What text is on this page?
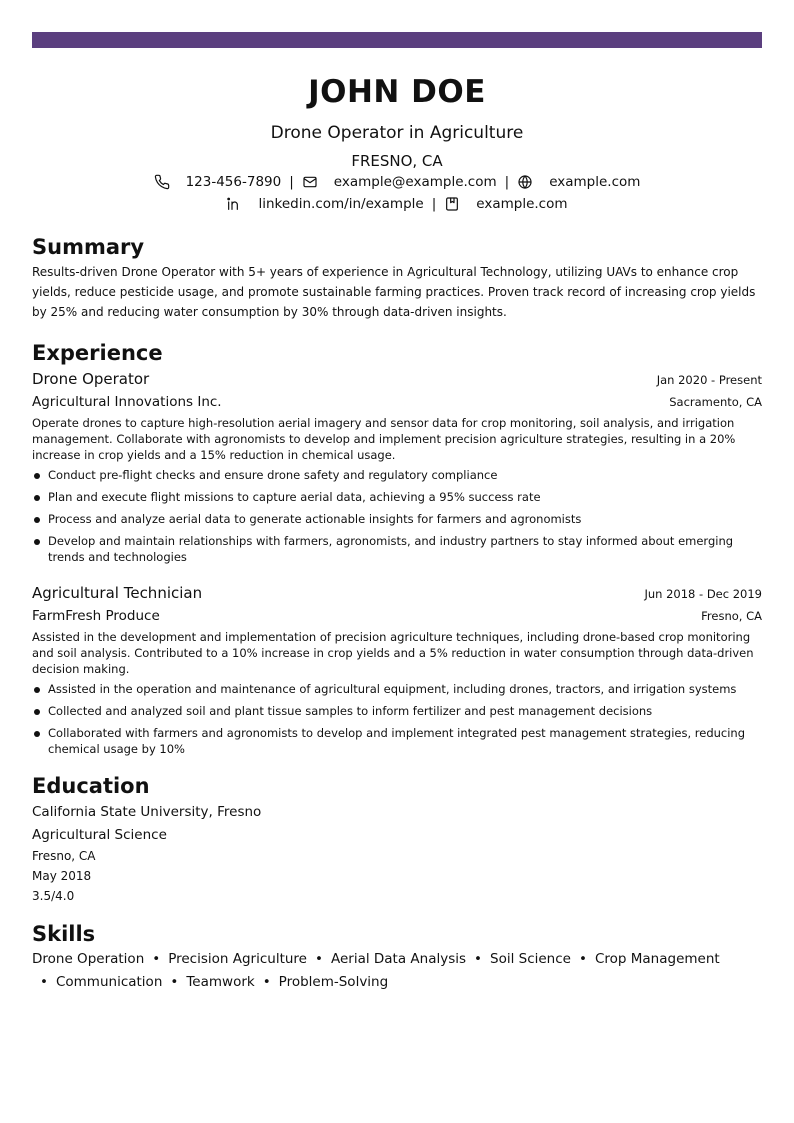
JOHN DOE
Drone Operator in Agriculture
FRESNO, CA
123-456-7890 |	example@example.com |	example.com
linkedin.com/in/example |	example.com
Summary
Results-driven Drone Operator with 5+ years of experience in Agricultural Technology, utilizing UAVs to enhance crop yields, reduce pesticide usage, and promote sustainable farming practices. Proven track record of increasing crop yields by 25% and reducing water consumption by 30% through data-driven insights.
Experience
Drone Operator	Jan 2020 - Present
Agricultural Innovations Inc.	Sacramento, CA
Operate drones to capture high-resolution aerial imagery and sensor data for crop monitoring, soil analysis, and irrigation management. Collaborate with agronomists to develop and implement precision agriculture strategies, resulting in a 20% increase in crop yields and a 15% reduction in chemical usage.
Conduct pre-flight checks and ensure drone safety and regulatory compliance
Plan and execute flight missions to capture aerial data, achieving a 95% success rate
Process and analyze aerial data to generate actionable insights for farmers and agronomists
Develop and maintain relationships with farmers, agronomists, and industry partners to stay informed about emerging trends and technologies
Agricultural Technician	Jun 2018 - Dec 2019
FarmFresh Produce	Fresno, CA
Assisted in the development and implementation of precision agriculture techniques, including drone-based crop monitoring and soil analysis. Contributed to a 10% increase in crop yields and a 5% reduction in water consumption through data-driven decision making.
Assisted in the operation and maintenance of agricultural equipment, including drones, tractors, and irrigation systems
Collected and analyzed soil and plant tissue samples to inform fertilizer and pest management decisions
Collaborated with farmers and agronomists to develop and implement integrated pest management strategies, reducing chemical usage by 10%
Education
California State University, Fresno
Agricultural Science
Fresno, CA
May 2018
3.5/4.0
Skills
Drone Operation • Precision Agriculture • Aerial Data Analysis • Soil Science • Crop Management• Communication • Teamwork • Problem-Solving
